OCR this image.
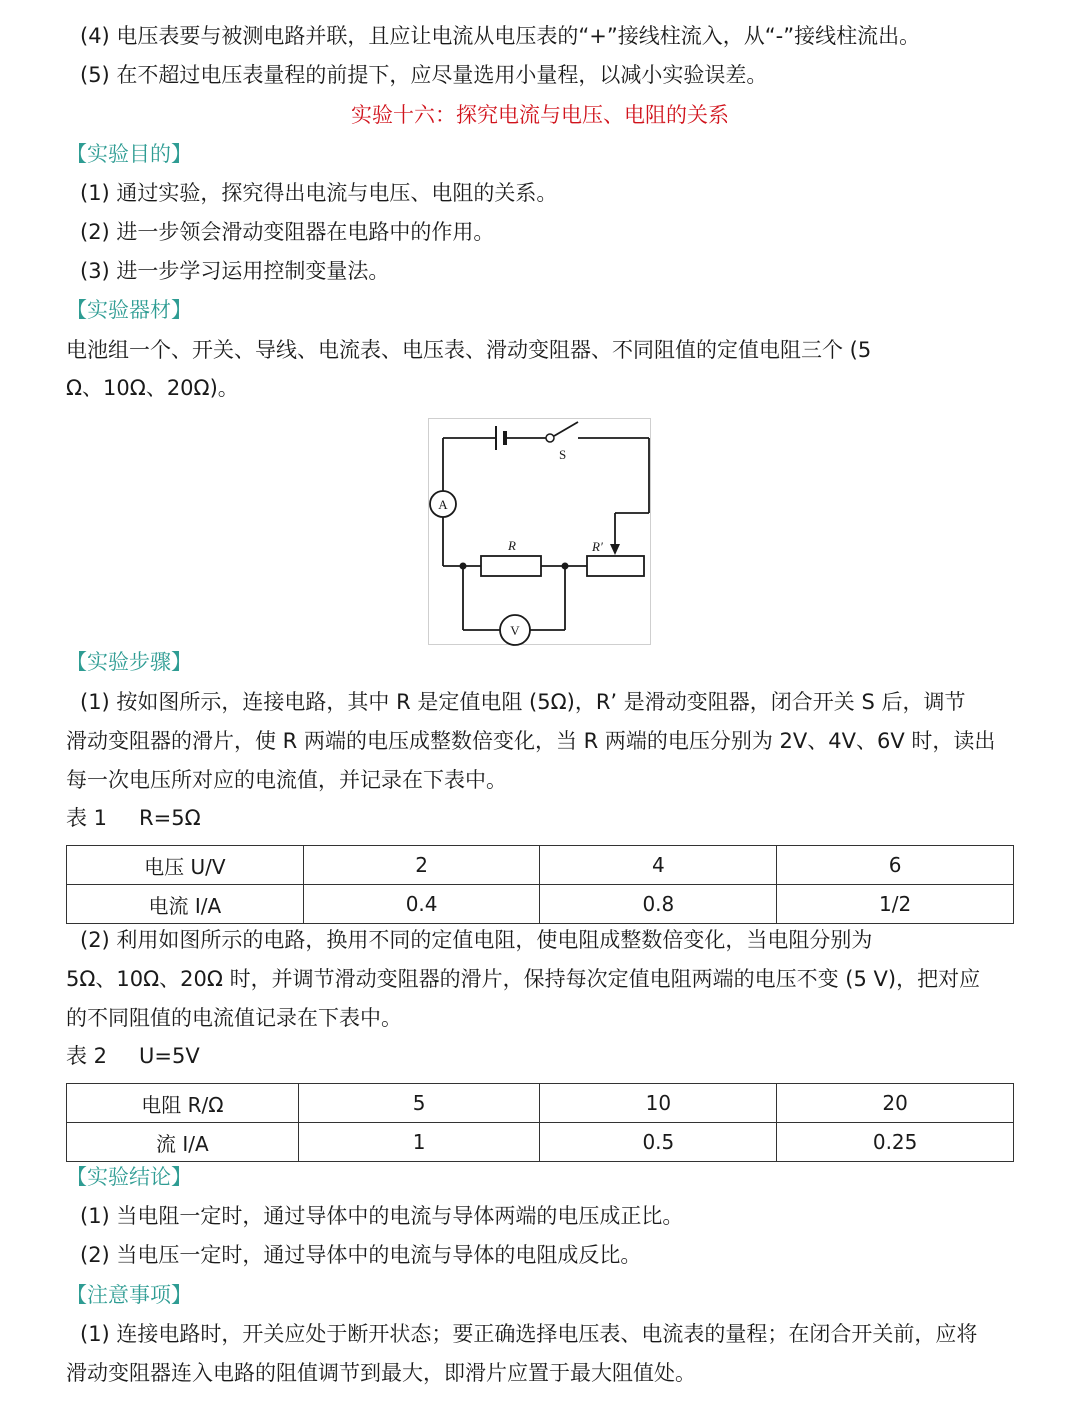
(4) 电压表要与被测电路并联，且应让电流从电压表的“+”接线柱流入，从“-”接线柱流出。
(5) 在不超过电压表量程的前提下，应尽量选用小量程，以减小实验误差。
实验十六：探究电流与电压、电阻的关系
【实验目的】
(1) 通过实验，探究得出电流与电压、电阻的关系。
(2) 进一步领会滑动变阻器在电路中的作用。
(3) 进一步学习运用控制变量法。
【实验器材】
电池组一个、开关、导线、电流表、电压表、滑动变阻器、不同阻值的定值电阻三个 (5
Ω、10Ω、20Ω)。
S
A
V
R	R′
【实验步骤】
(1) 按如图所示，连接电路，其中 R 是定值电阻 (5Ω)，R’ 是滑动变阻器，闭合开关 S 后，调节
滑动变阻器的滑片，使 R 两端的电压成整数倍变化，当 R 两端的电压分别为 2V、4V、6V 时，读出
每一次电压所对应的电流值，并记录在下表中。
表 1 R=5Ω
电压 U/V	2	4	6
电流 I/A	0.4	0.8	1/2
(2) 利用如图所示的电路，换用不同的定值电阻，使电阻成整数倍变化，当电阻分别为
5Ω、10Ω、20Ω 时，并调节滑动变阻器的滑片，保持每次定值电阻两端的电压不变 (5 V)，把对应
的不同阻值的电流值记录在下表中。
表 2 U=5V
电阻 R/Ω	5	10	20
流 I/A	1	0.5	0.25
【实验结论】
(1) 当电阻一定时，通过导体中的电流与导体两端的电压成正比。
(2) 当电压一定时，通过导体中的电流与导体的电阻成反比。
【注意事项】
(1) 连接电路时，开关应处于断开状态；要正确选择电压表、电流表的量程；在闭合开关前，应将
滑动变阻器连入电路的阻值调节到最大，即滑片应置于最大阻值处。
